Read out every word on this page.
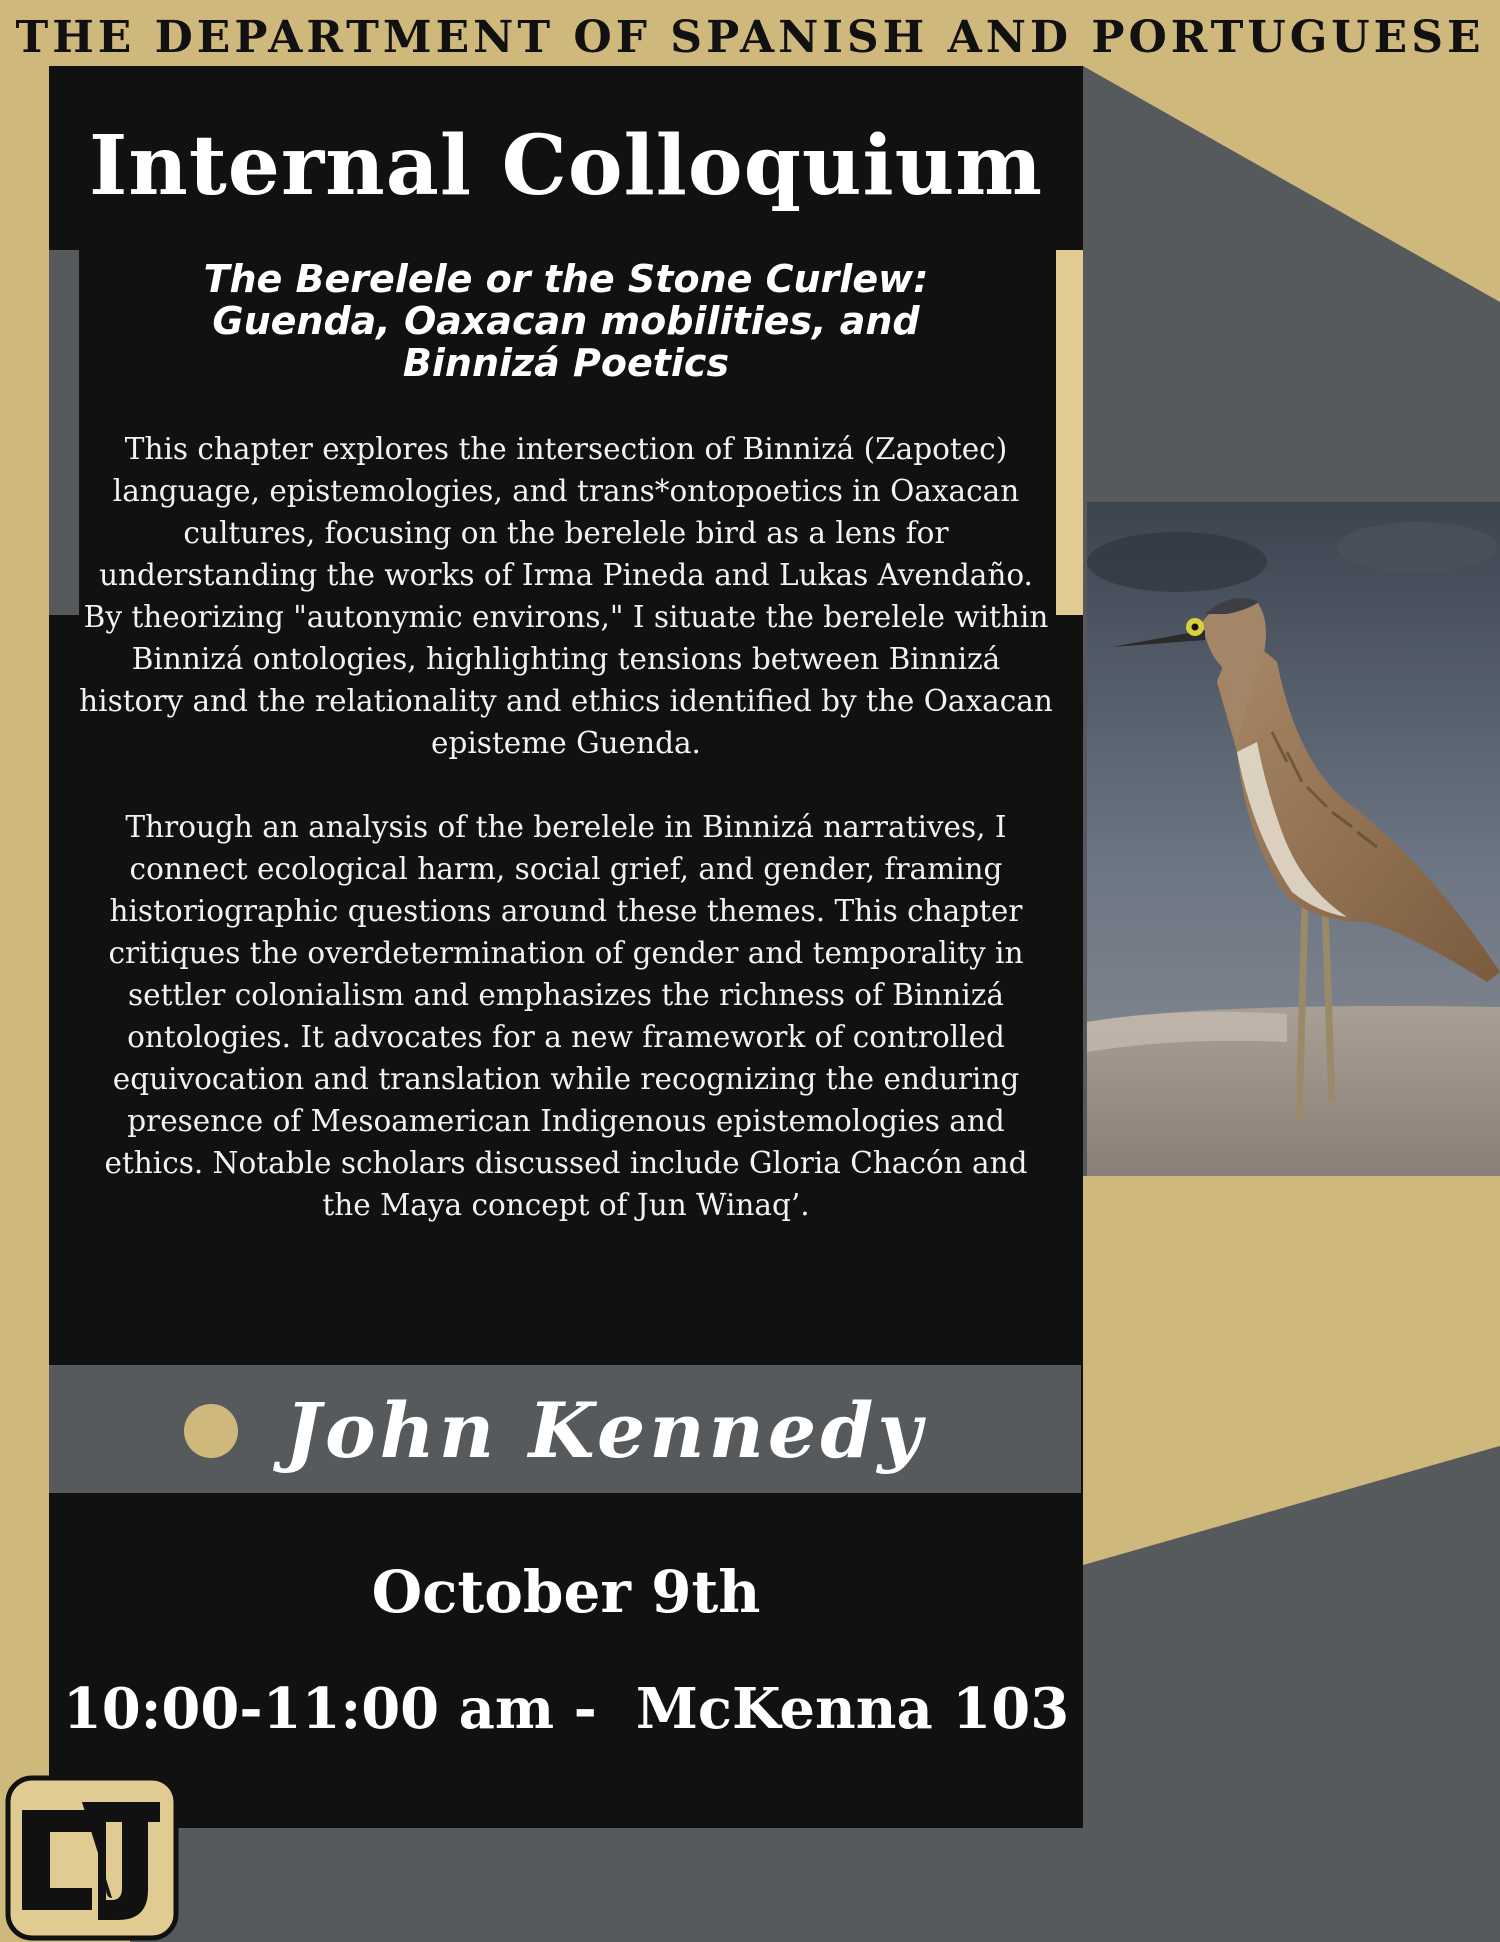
THE DEPARTMENT OF SPANISH AND PORTUGUESE
Internal Colloquium
The Berelele or the Stone Curlew: Guenda, Oaxacan mobilities, and Binnizá Poetics

This chapter explores the intersection of Binnizá (Zapotec) language, epistemologies, and trans*ontopoetics in Oaxacan cultures, focusing on the berelele bird as a lens for understanding the works of Irma Pineda and Lukas Avendaño. By theorizing "autonymic environs," I situate the berelele within Binnizá ontologies, highlighting tensions between Binnizá history and the relationality and ethics identified by the Oaxacan episteme Guenda.

Through an analysis of the berelele in Binnizá narratives, I connect ecological harm, social grief, and gender, framing historiographic questions around these themes. This chapter critiques the overdetermination of gender and temporality in settler colonialism and emphasizes the richness of Binnizá ontologies. It advocates for a new framework of controlled equivocation and translation while recognizing the enduring presence of Mesoamerican Indigenous epistemologies and ethics. Notable scholars discussed include Gloria Chacón and the Maya concept of Jun Winaq’.

John Kennedy
October 9th
10:00-11:00 am -  McKenna 103
